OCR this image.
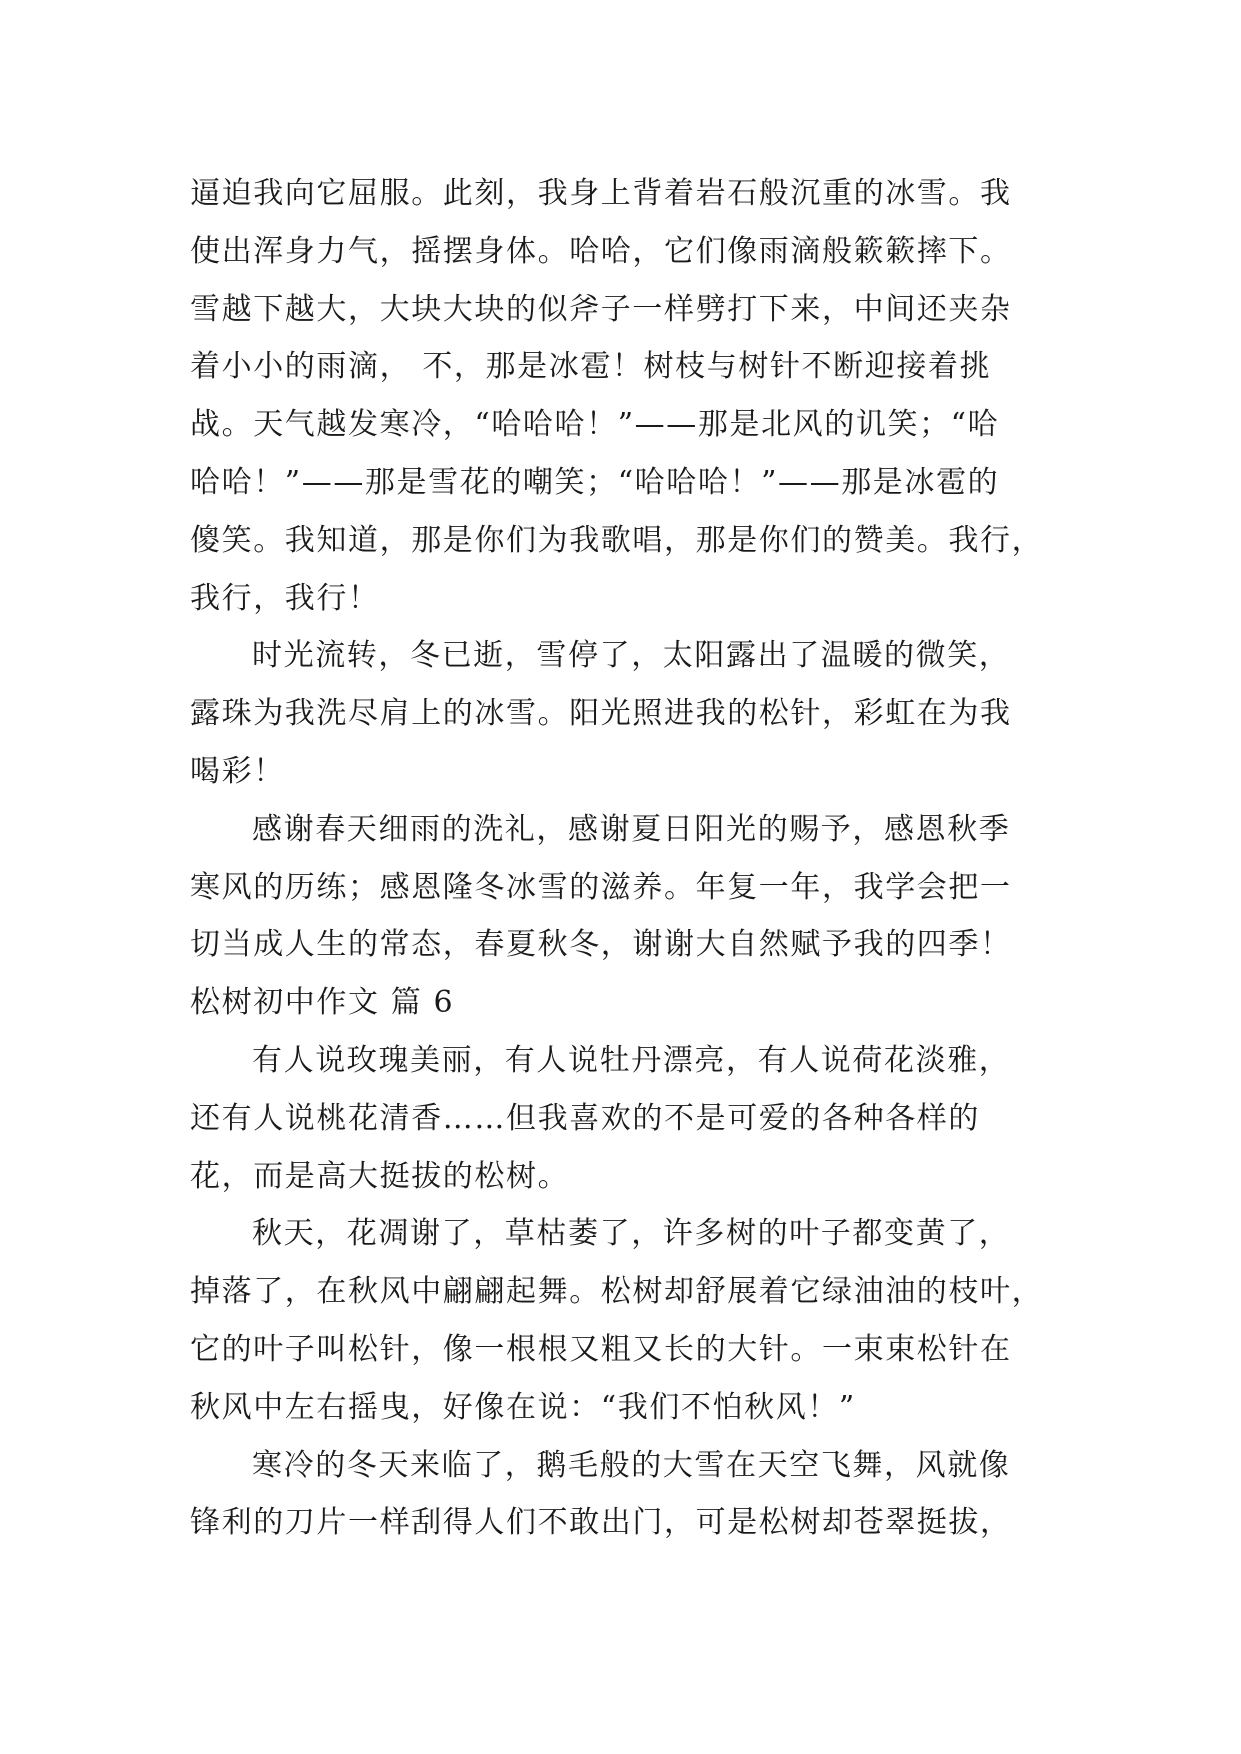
逼迫我向它屈服。此刻，我身上背着岩石般沉重的冰雪。我
使出浑身力气，摇摆身体。哈哈，它们像雨滴般簌簌摔下。
雪越下越大，大块大块的似斧子一样劈打下来，中间还夹杂
着小小的雨滴， 不，那是冰雹！树枝与树针不断迎接着挑
战。天气越发寒冷，“哈哈哈！”——那是北风的讥笑；“哈
哈哈！”——那是雪花的嘲笑；“哈哈哈！”——那是冰雹的
傻笑。我知道，那是你们为我歌唱，那是你们的赞美。我行，
我行，我行！
时光流转，冬已逝，雪停了，太阳露出了温暖的微笑，
露珠为我洗尽肩上的冰雪。阳光照进我的松针，彩虹在为我
喝彩！
感谢春天细雨的洗礼，感谢夏日阳光的赐予，感恩秋季
寒风的历练；感恩隆冬冰雪的滋养。年复一年，我学会把一
切当成人生的常态，春夏秋冬，谢谢大自然赋予我的四季！
松树初中作文 篇 6
有人说玫瑰美丽，有人说牡丹漂亮，有人说荷花淡雅，
还有人说桃花清香……但我喜欢的不是可爱的各种各样的
花，而是高大挺拔的松树。
秋天，花凋谢了，草枯萎了，许多树的叶子都变黄了，
掉落了，在秋风中翩翩起舞。松树却舒展着它绿油油的枝叶，
它的叶子叫松针，像一根根又粗又长的大针。一束束松针在
秋风中左右摇曳，好像在说：“我们不怕秋风！”
寒冷的冬天来临了，鹅毛般的大雪在天空飞舞，风就像
锋利的刀片一样刮得人们不敢出门，可是松树却苍翠挺拔，
